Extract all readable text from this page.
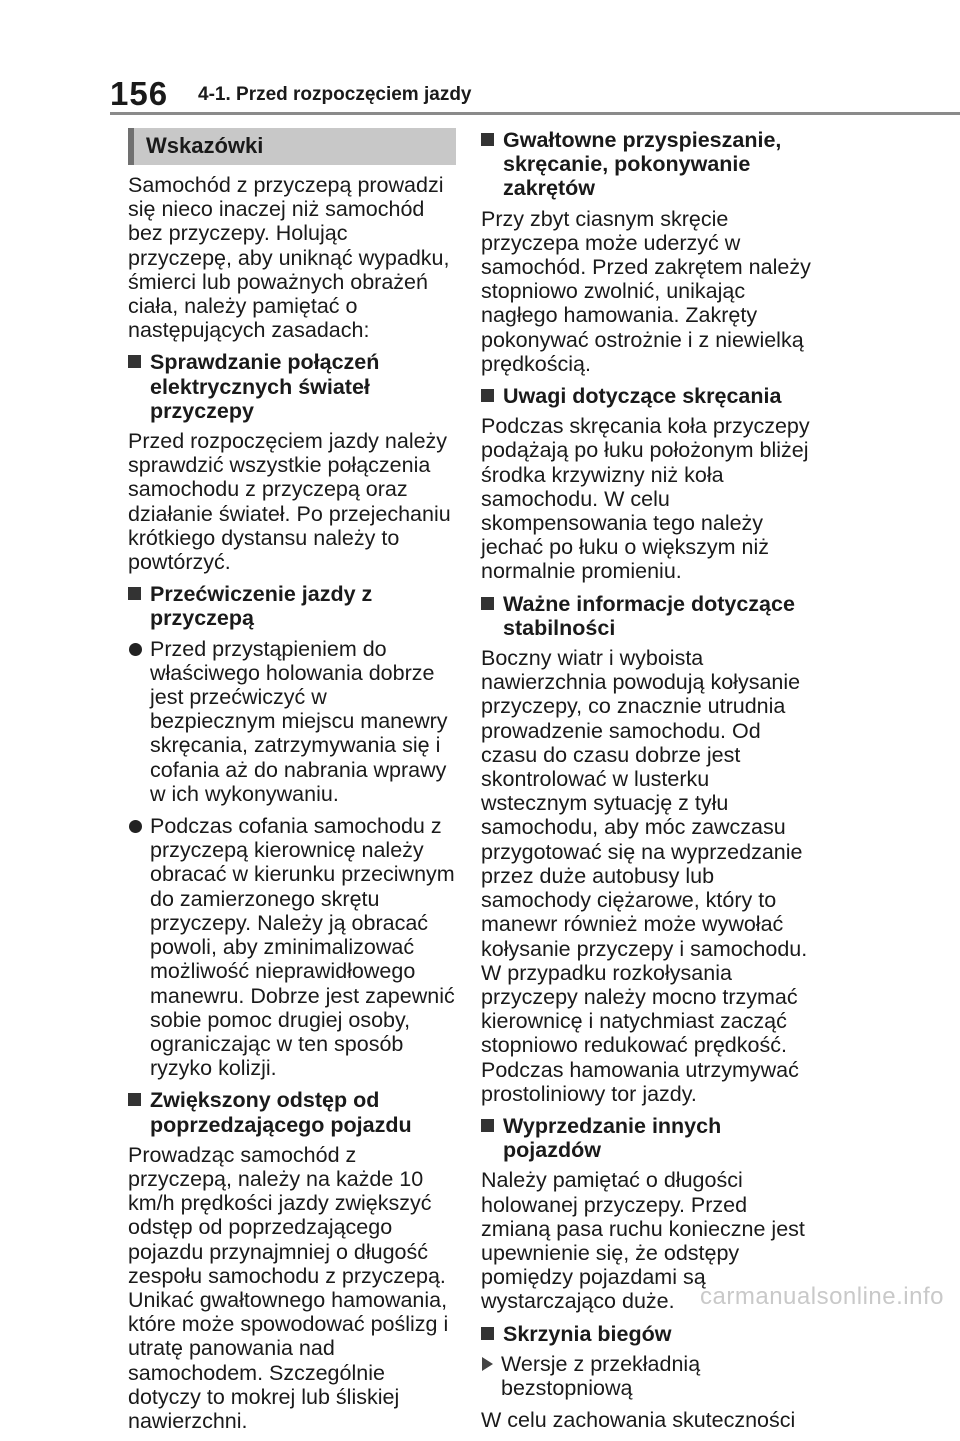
156 4-1. Przed rozpoczęciem jazdy
Wskazówki

Samochód z przyczepą prowadzi się nieco inaczej niż samochód bez przyczepy. Holując przyczepę, aby uniknąć wypadku, śmierci lub poważnych obrażeń ciała, należy pamiętać o następujących zasadach:

Sprawdzanie połączeń elektrycznych świateł przyczepy

Przed rozpoczęciem jazdy należy sprawdzić wszystkie połączenia samochodu z przyczepą oraz działanie świateł. Po przejechaniu krótkiego dystansu należy to powtórzyć.

Przećwiczenie jazdy z przyczepą
Przed przystąpieniem do właściwego holowania dobrze jest przećwiczyć w bezpiecznym miejscu manewry skręcania, zatrzymywania się i cofania aż do nabrania wprawy w ich wykonywaniu.
Podczas cofania samochodu z przyczepą kierownicę należy obracać w kierunku przeciwnym do zamierzonego skrętu przyczepy. Należy ją obracać powoli, aby zminimalizować możliwość nieprawidłowego manewru. Dobrze jest zapewnić sobie pomoc drugiej osoby, ograniczając w ten sposób ryzyko kolizji.
Zwiększony odstęp od poprzedzającego pojazdu

Prowadząc samochód z przyczepą, należy na każde 10 km/h prędkości jazdy zwiększyć odstęp od poprzedzającego pojazdu przynajmniej o długość zespołu samochodu z przyczepą. Unikać gwałtownego hamowania, które może spowodować poślizg i utratę panowania nad samochodem. Szczególnie dotyczy to mokrej lub śliskiej nawierzchni.

Gwałtowne przyspieszanie, skręcanie, pokonywanie zakrętów

Przy zbyt ciasnym skręcie przyczepa może uderzyć w samochód. Przed zakrętem należy stopniowo zwolnić, unikając nagłego hamowania. Zakręty pokonywać ostrożnie i z niewielką prędkością.

Uwagi dotyczące skręcania

Podczas skręcania koła przyczepy podążają po łuku położonym bliżej środka krzywizny niż koła samochodu. W celu skompensowania tego należy jechać po łuku o większym niż normalnie promieniu.

Ważne informacje dotyczące stabilności

Boczny wiatr i wyboista nawierzchnia powodują kołysanie przyczepy, co znacznie utrudnia prowadzenie samochodu. Od czasu do czasu dobrze jest skontrolować w lusterku wstecznym sytuację z tyłu samochodu, aby móc zawczasu przygotować się na wyprzedzanie przez duże autobusy lub samochody ciężarowe, który to manewr również może wywołać kołysanie przyczepy i samochodu. W przypadku rozkołysania przyczepy należy mocno trzymać kierownicę i natychmiast zacząć stopniowo redukować prędkość. Podczas hamowania utrzymywać prostoliniowy tor jazdy.

Wyprzedzanie innych pojazdów

Należy pamiętać o długości holowanej przyczepy. Przed zmianą pasa ruchu konieczne jest upewnienie się, że odstępy pomiędzy pojazdami są wystarczająco duże.

Skrzynia biegów
Wersje z przekładnią bezstopniową

W celu zachowania skuteczności

carmanualsonline.info
